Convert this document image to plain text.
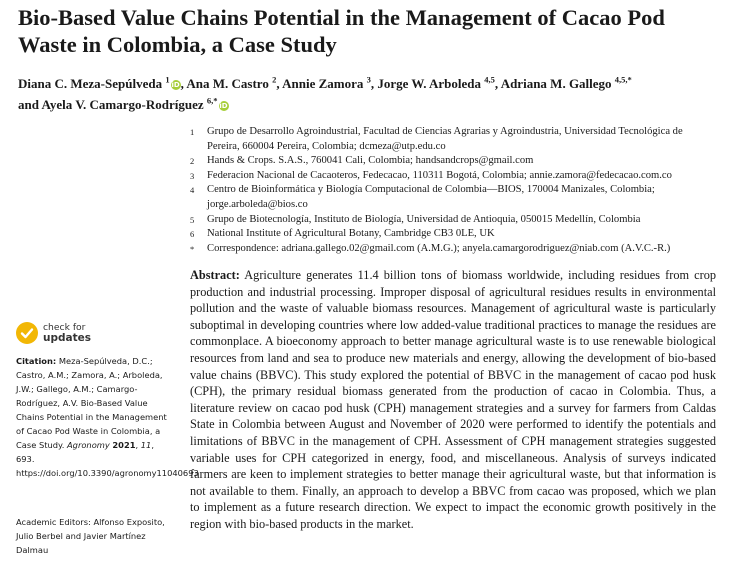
Bio-Based Value Chains Potential in the Management of Cacao Pod Waste in Colombia, a Case Study
Diana C. Meza-Sepúlveda $^1$iD, Ana M. Castro $^2$, Annie Zamora $^3$, Jorge W. Arboleda $^{4,5}$, Adriana M. Gallego $^{4,5,*}$
and Ayela V. Camargo-Rodríguez $^{6,*}$iD
1	Grupo de Desarrollo Agroindustrial, Facultad de Ciencias Agrarias y Agroindustria, Universidad Tecnológica de Pereira, 660004 Pereira, Colombia; dcmeza@utp.edu.co
2	Hands & Crops. S.A.S., 760041 Cali, Colombia; handsandcrops@gmail.com
3	Federacion Nacional de Cacaoteros, Fedecacao, 110311 Bogotá, Colombia; annie.zamora@fedecacao.com.co
4	Centro de Bioinformática y Biología Computacional de Colombia—BIOS, 170004 Manizales, Colombia; jorge.arboleda@bios.co
5	Grupo de Biotecnología, Instituto de Biología, Universidad de Antioquia, 050015 Medellín, Colombia
6	National Institute of Agricultural Botany, Cambridge CB3 0LE, UK
*	Correspondence: adriana.gallego.02@gmail.com (A.M.G.); anyela.camargorodriguez@niab.com (A.V.C.-R.)
Abstract: Agriculture generates 11.4 billion tons of biomass worldwide, including residues from crop production and industrial processing. Improper disposal of agricultural residues results in environmental pollution and the waste of valuable biomass resources. Management of agricultural waste is particularly suboptimal in developing countries where low added-value traditional practices to manage the residues are commonplace. A bioeconomy approach to better manage agricultural waste is to use renewable biological resources from land and sea to produce new materials and energy, allowing the development of bio-based value chains (BBVC). This study explored the potential of BBVC in the management of cacao pod husk (CPH), the primary residual biomass generated from the production of cacao in Colombia. Thus, a literature review on cacao pod husk (CPH) management strategies and a survey for farmers from Caldas State in Colombia between August and November of 2020 were performed to identify the potentials and limitations of BBVC in the management of CPH. Assessment of CPH management strategies suggested variable uses for CPH categorized in energy, food, and miscellaneous. Analysis of surveys indicated farmers are keen to implement strategies to better manage their agricultural waste, but that information is not available to them. Finally, an approach to develop a BBVC from cacao was proposed, which we plan to implement as a future research direction. We expect to impact the economic growth positively in the region with bio-based products in the market.
check for
updates
Citation: Meza-Sepúlveda, D.C.; Castro, A.M.; Zamora, A.; Arboleda, J.W.; Gallego, A.M.; Camargo-Rodríguez, A.V. Bio-Based Value Chains Potential in the Management of Cacao Pod Waste in Colombia, a Case Study. Agronomy 2021, 11, 693. https://doi.org/10.3390/agronomy11040693
Academic Editors: Alfonso Exposito, Julio Berbel and Javier Martínez Dalmau
